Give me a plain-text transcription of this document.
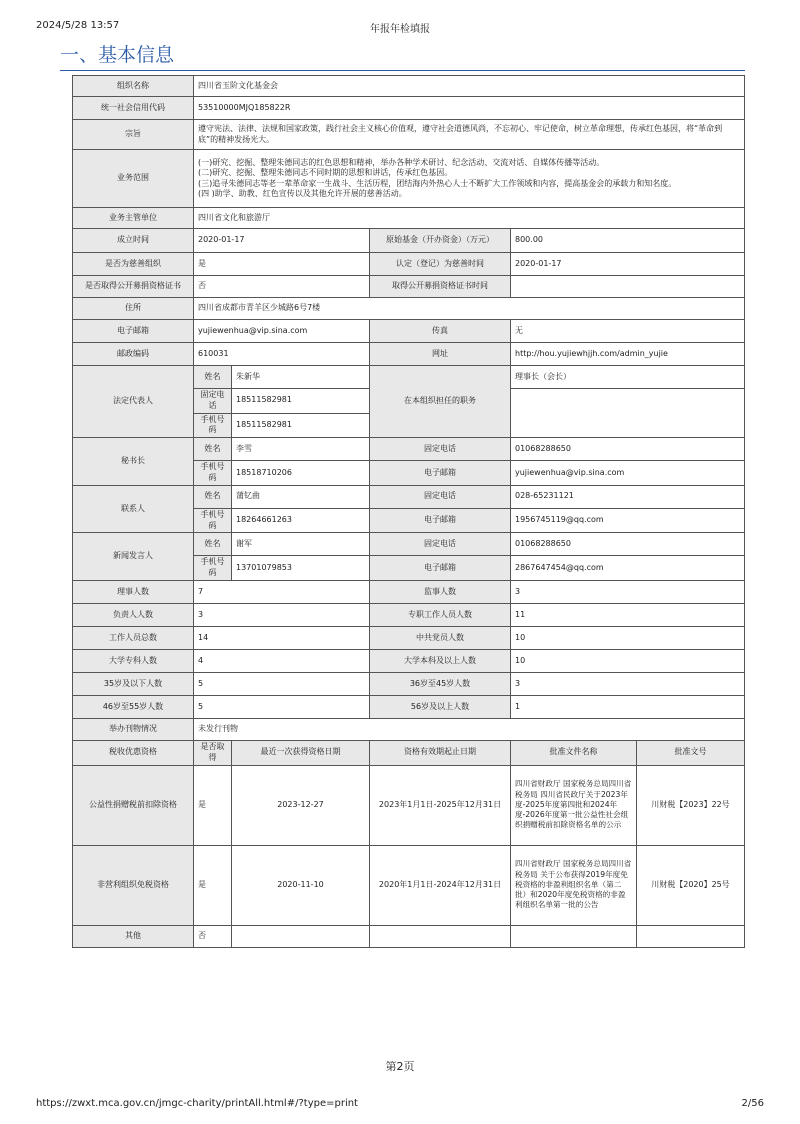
2024/5/28 13:57	年报年检填报
一、基本信息
组织名称	四川省玉阶文化基金会				
统一社会信用代码	53510000MJQ185822R				
宗旨	遵守宪法、法律、法规和国家政策，践行社会主义核心价值观，遵守社会道德风尚，不忘初心、牢记使命，树立革命理想，传承红色基因，将“革命到底”的精神发扬光大。				
业务范围	(一)研究、挖掘、整理朱德同志的红色思想和精神，举办各种学术研讨、纪念活动、交流对话、自媒体传播等活动。
(二)研究、挖掘、整理朱德同志不同时期的思想和讲话，传承红色基因。
(三)追寻朱德同志等老一辈革命家一生战斗、生活历程，团结海内外热心人士不断扩大工作领域和内容，提高基金会的承载力和知名度。
(四 )助学、助教、红色宣传以及其他允许开展的慈善活动。				

业务主管单位	四川省文化和旅游厅				
成立时间	2020-01-17		原始基金（开办资金）（万元）	800.00	
是否为慈善组织	是		认定（登记）为慈善时间	2020-01-17	
是否取得公开募捐资格证书	否		取得公开募捐资格证书时间		
住所	四川省成都市青羊区少城路6号7楼				
电子邮箱	yujiewenhua@vip.sina.com		传真	无	
邮政编码	610031		网址	http://hou.yujiewhjjh.com/admin_yujie	
法定代表人	姓名	朱新华	在本组织担任的职务	理事长（会长）	
	固定电话	18511582981			
	手机号码	18511582981			
秘书长	姓名	李雪	固定电话	01068288650	
	手机号码	18518710206	电子邮箱	yujiewenhua@vip.sina.com	
联系人	姓名	蒲钇曲	固定电话	028-65231121	
	手机号码	18264661263	电子邮箱	1956745119@qq.com	
新闻发言人	姓名	谢军	固定电话	01068288650	
	手机号码	13701079853	电子邮箱	2867647454@qq.com	
理事人数	7		监事人数	3	
负责人人数	3		专职工作人员人数	11	
工作人员总数	14		中共党员人数	10	
大学专科人数	4		大学本科及以上人数	10	
35岁及以下人数	5		36岁至45岁人数	3	
46岁至55岁人数	5		56岁及以上人数	1	
举办刊物情况	未发行刊物				
税收优惠资格	是否取得	最近一次获得资格日期	资格有效期起止日期	批准文件名称	批准文号
公益性捐赠税前扣除资格	是	2023-12-27	2023年1月1日-2025年12月31日	四川省财政厅 国家税务总局四川省税务局 四川省民政厅关于2023年度-2025年度第四批和2024年度-2026年度第一批公益性社会组织捐赠税前扣除资格名单的公示	川财税【2023】22号
非营利组织免税资格	是	2020-11-10	2020年1月1日-2024年12月31日	四川省财政厅 国家税务总局四川省税务局 关于公布获得2019年度免税资格的非盈利组织名单（第二批）和2020年度免税资格的非盈利组织名单第一批的公告	川财税【2020】25号
其他	否				
第2页
https://zwxt.mca.gov.cn/jmgc-charity/printAll.html#/?type=print	2/56
